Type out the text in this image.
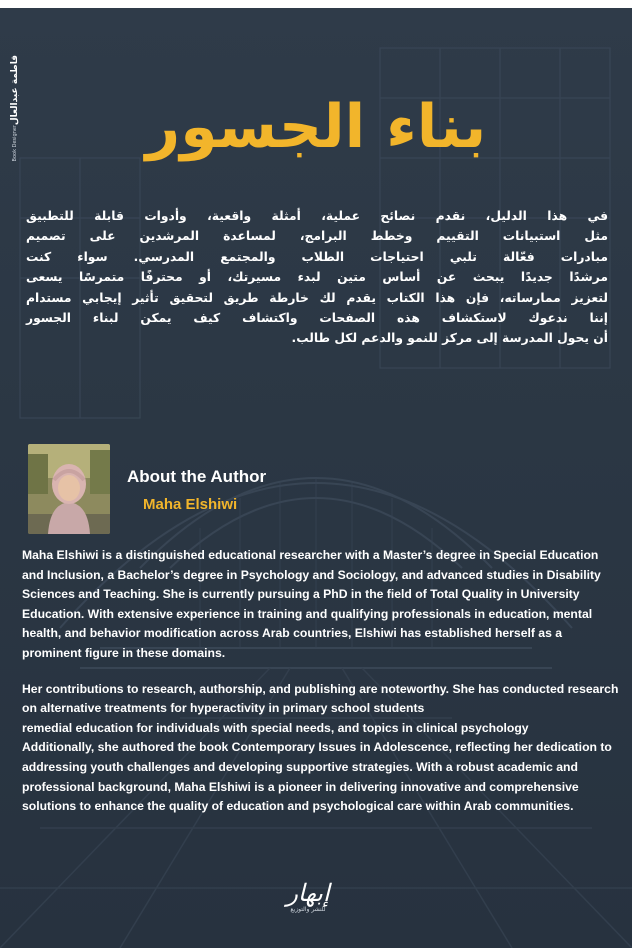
فاطمة عبدالعال
Book Designer	بناء الجسور
في هذا الدليل، نقدم نصائح عملية، أمثلة واقعية، وأدوات قابلة للتطبيق
مثل استبيانات التقييم وخطط البرامج، لمساعدة المرشدين على تصميم
مبادرات فعّالة تلبي احتياجات الطلاب والمجتمع المدرسي. سواء كنت
مرشدًا جديدًا يبحث عن أساس متين لبدء مسيرتك، أو محترفًا متمرسًا يسعى
لتعزيز ممارساته، فإن هذا الكتاب يقدم لك خارطة طريق لتحقيق تأثير إيجابي مستدام
إننا ندعوك لاستكشاف هذه الصفحات واكتشاف كيف يمكن لبناء الجسور
أن يحول المدرسة إلى مركز للنمو والدعم لكل طالب.
About the Author
Maha Elshiwi

Maha Elshiwi is a distinguished educational researcher with a Master’s degree in Special Education and Inclusion, a Bachelor’s degree in Psychology and Sociology, and advanced studies in Disability Sciences and Teaching. She is currently pursuing a PhD in the field of Total Quality in University Education. With extensive experience in training and qualifying professionals in education, mental health, and behavior modification across Arab countries, Elshiwi has established herself as a prominent figure in these domains.

Her contributions to research, authorship, and publishing are noteworthy. She has conducted research on alternative treatments for hyperactivity in primary school students

remedial education for individuals with special needs, and topics in clinical psychology

Additionally, she authored the book Contemporary Issues in Adolescence, reflecting her dedication to addressing youth challenges and developing supportive strategies. With a robust academic and professional background, Maha Elshiwi is a pioneer in delivering innovative and comprehensive solutions to enhance the quality of education and psychological care within Arab communities.

إبهار
للنشر والتوزيع
